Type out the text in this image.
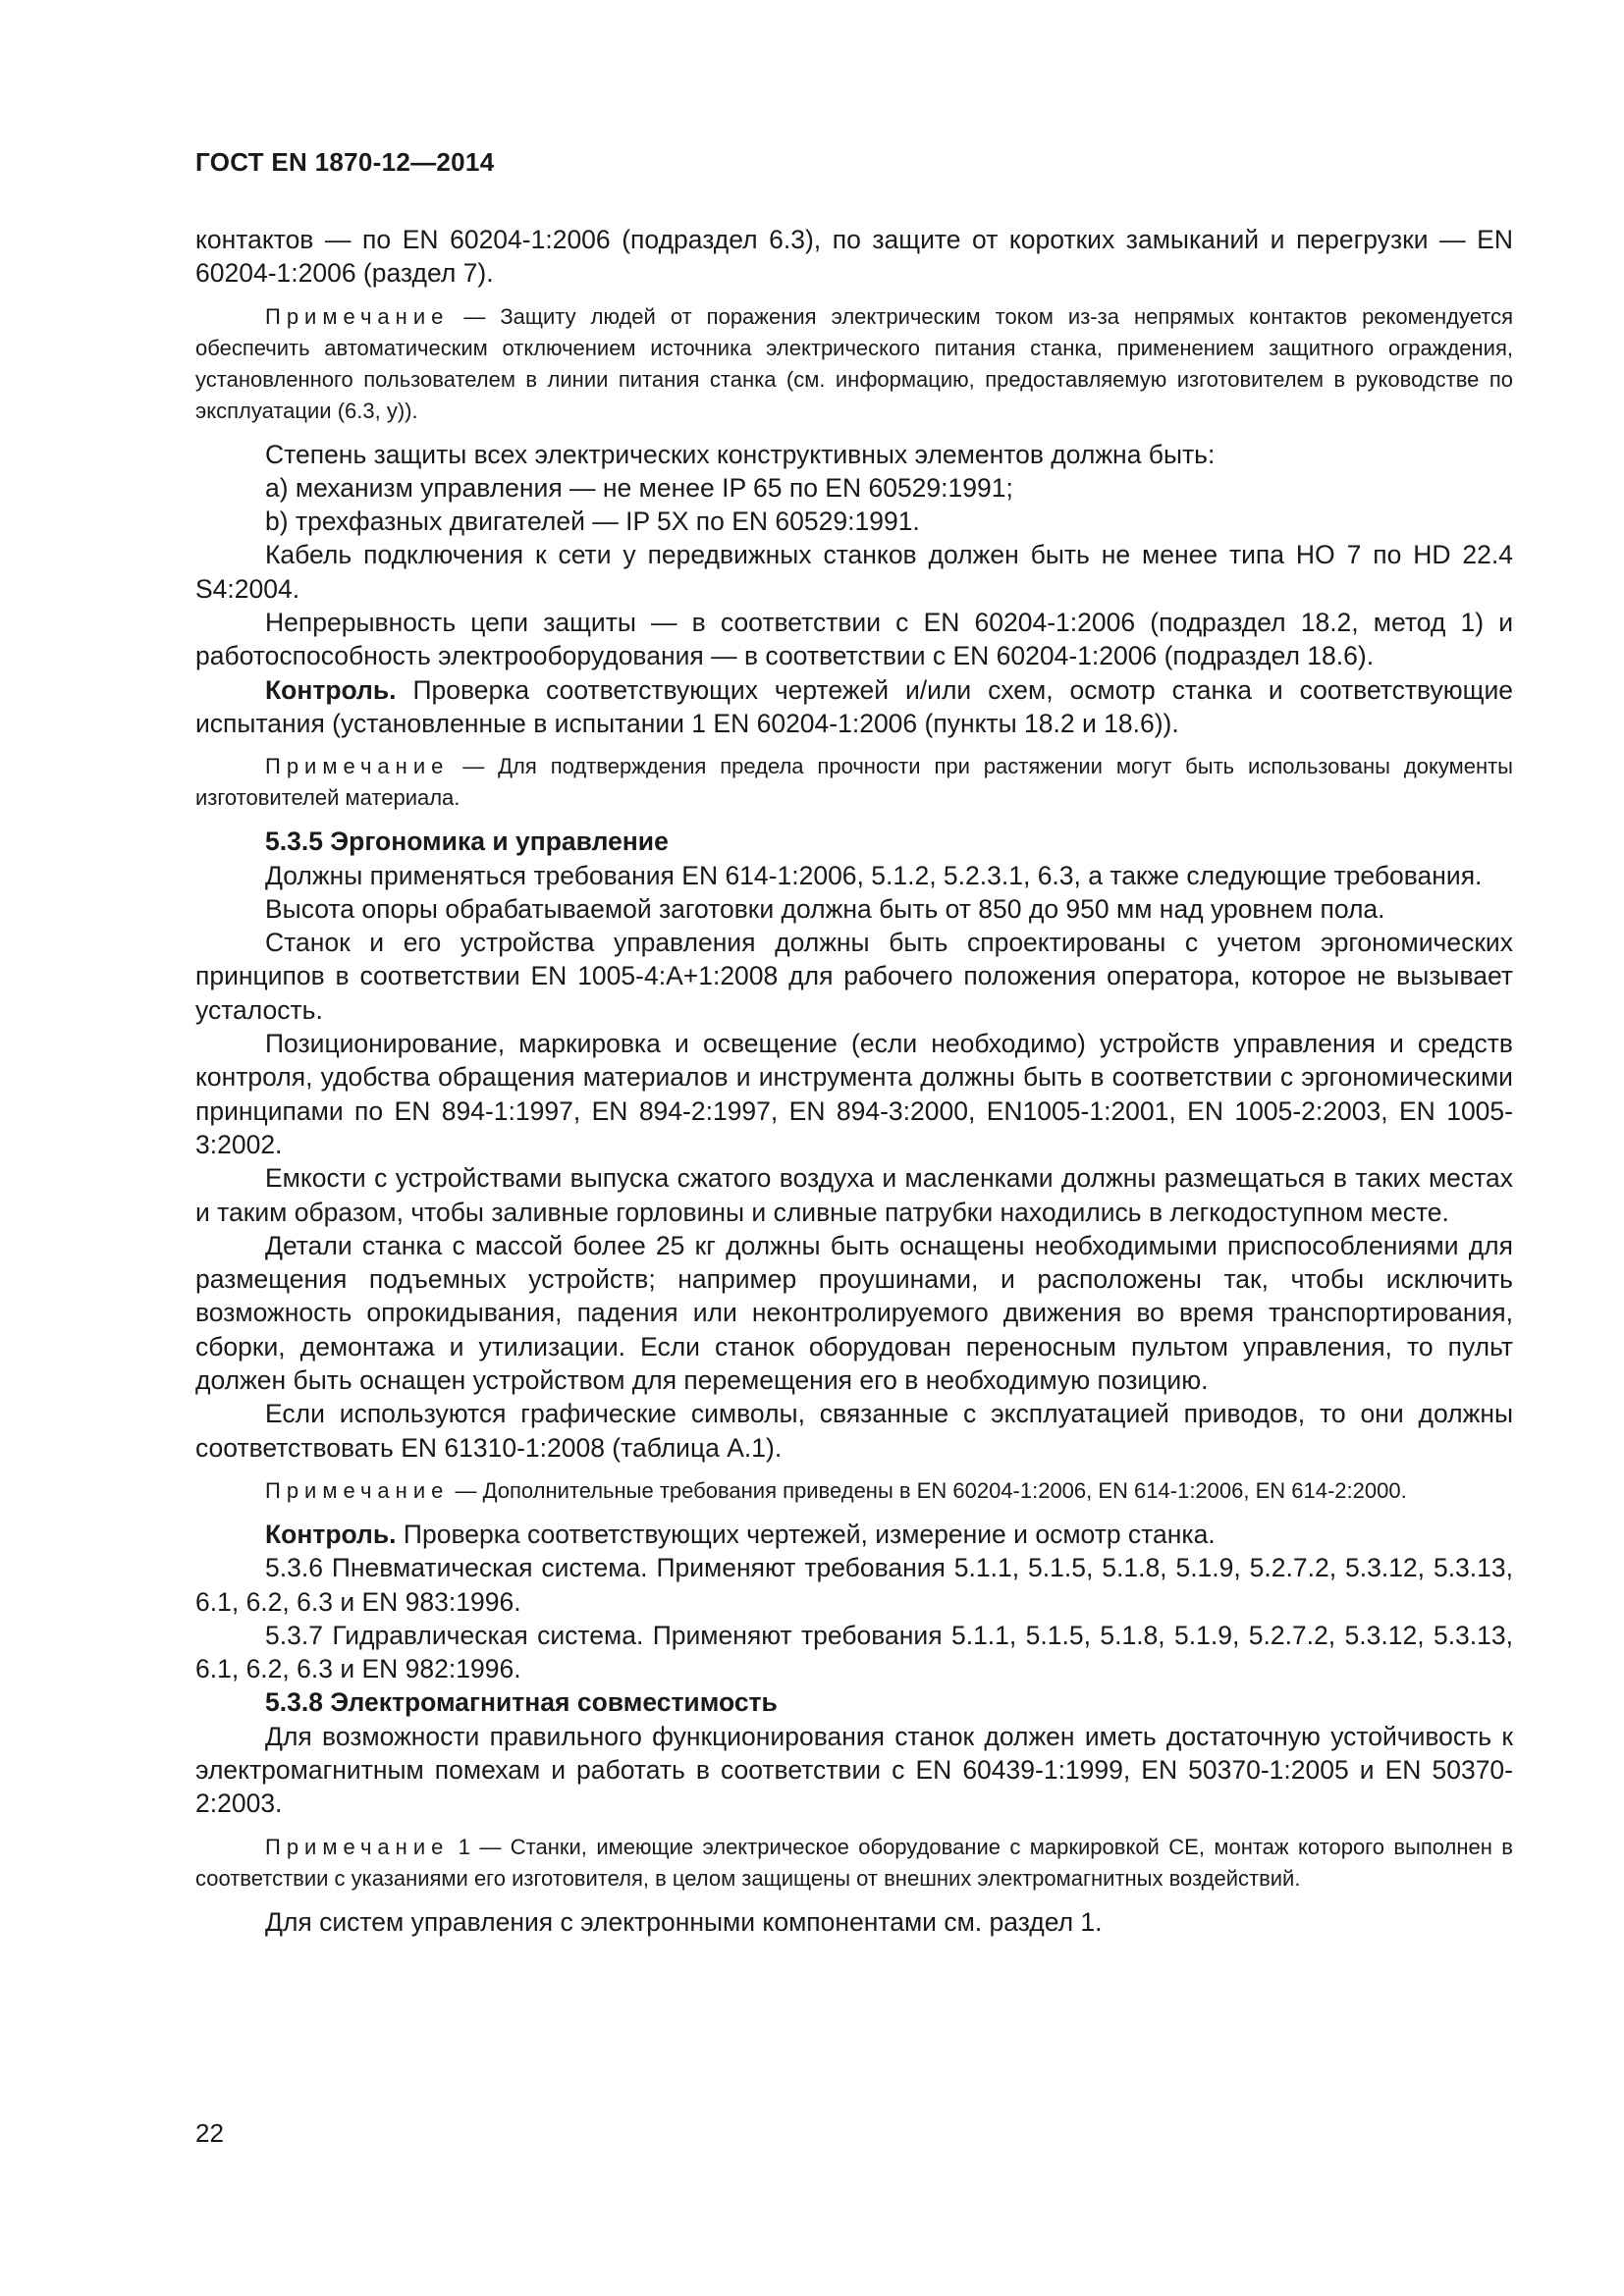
ГОСТ EN 1870-12—2014

контактов — по EN 60204-1:2006 (подраздел 6.3), по защите от коротких замыканий и перегрузки — EN 60204-1:2006 (раздел 7).

Примечание — Защиту людей от поражения электрическим током из-за непрямых контактов рекомендуется обеспечить автоматическим отключением источника электрического питания станка, применением защитного ограждения, установленного пользователем в линии питания станка (см. информацию, предоставляемую изготовителем в руководстве по эксплуатации (6.3, у)).

Степень защиты всех электрических конструктивных элементов должна быть:

a) механизм управления — не менее IP 65 по EN 60529:1991;

b) трехфазных двигателей — IP 5X по EN 60529:1991.

Кабель подключения к сети у передвижных станков должен быть не менее типа НО 7 по HD 22.4 S4:2004.

Непрерывность цепи защиты — в соответствии с EN 60204-1:2006 (подраздел 18.2, метод 1) и работоспособность электрооборудования — в соответствии с EN 60204-1:2006 (подраздел 18.6).

Контроль. Проверка соответствующих чертежей и/или схем, осмотр станка и соответствующие испытания (установленные в испытании 1 EN 60204-1:2006 (пункты 18.2 и 18.6)).

Примечание — Для подтверждения предела прочности при растяжении могут быть использованы документы изготовителей материала.

5.3.5 Эргономика и управление

Должны применяться требования EN 614-1:2006, 5.1.2, 5.2.3.1, 6.3, а также следующие требования.

Высота опоры обрабатываемой заготовки должна быть от 850 до 950 мм над уровнем пола.

Станок и его устройства управления должны быть спроектированы с учетом эргономических принципов в соответствии EN 1005-4:A+1:2008 для рабочего положения оператора, которое не вызывает усталость.

Позиционирование, маркировка и освещение (если необходимо) устройств управления и средств контроля, удобства обращения материалов и инструмента должны быть в соответствии с эргономическими принципами по EN 894-1:1997, EN 894-2:1997, EN 894-3:2000, EN1005-1:2001, EN 1005-2:2003, EN 1005-3:2002.

Емкости с устройствами выпуска сжатого воздуха и масленками должны размещаться в таких местах и таким образом, чтобы заливные горловины и сливные патрубки находились в легкодоступном месте.

Детали станка с массой более 25 кг должны быть оснащены необходимыми приспособлениями для размещения подъемных устройств; например проушинами, и расположены так, чтобы исключить возможность опрокидывания, падения или неконтролируемого движения во время транспортирования, сборки, демонтажа и утилизации. Если станок оборудован переносным пультом управления, то пульт должен быть оснащен устройством для перемещения его в необходимую позицию.

Если используются графические символы, связанные с эксплуатацией приводов, то они должны соответствовать EN 61310-1:2008 (таблица А.1).

Примечание — Дополнительные требования приведены в EN 60204-1:2006, EN 614-1:2006, EN 614-2:2000.

Контроль. Проверка соответствующих чертежей, измерение и осмотр станка.

5.3.6 Пневматическая система. Применяют требования 5.1.1, 5.1.5, 5.1.8, 5.1.9, 5.2.7.2, 5.3.12, 5.3.13, 6.1, 6.2, 6.3 и EN 983:1996.

5.3.7 Гидравлическая система. Применяют требования 5.1.1, 5.1.5, 5.1.8, 5.1.9, 5.2.7.2, 5.3.12, 5.3.13, 6.1, 6.2, 6.3 и EN 982:1996.

5.3.8 Электромагнитная совместимость

Для возможности правильного функционирования станок должен иметь достаточную устойчивость к электромагнитным помехам и работать в соответствии с EN 60439-1:1999, EN 50370-1:2005 и EN 50370-2:2003.

Примечание 1 — Станки, имеющие электрическое оборудование с маркировкой СЕ, монтаж которого выполнен в соответствии с указаниями его изготовителя, в целом защищены от внешних электромагнитных воздействий.

Для систем управления с электронными компонентами см. раздел 1.

22
